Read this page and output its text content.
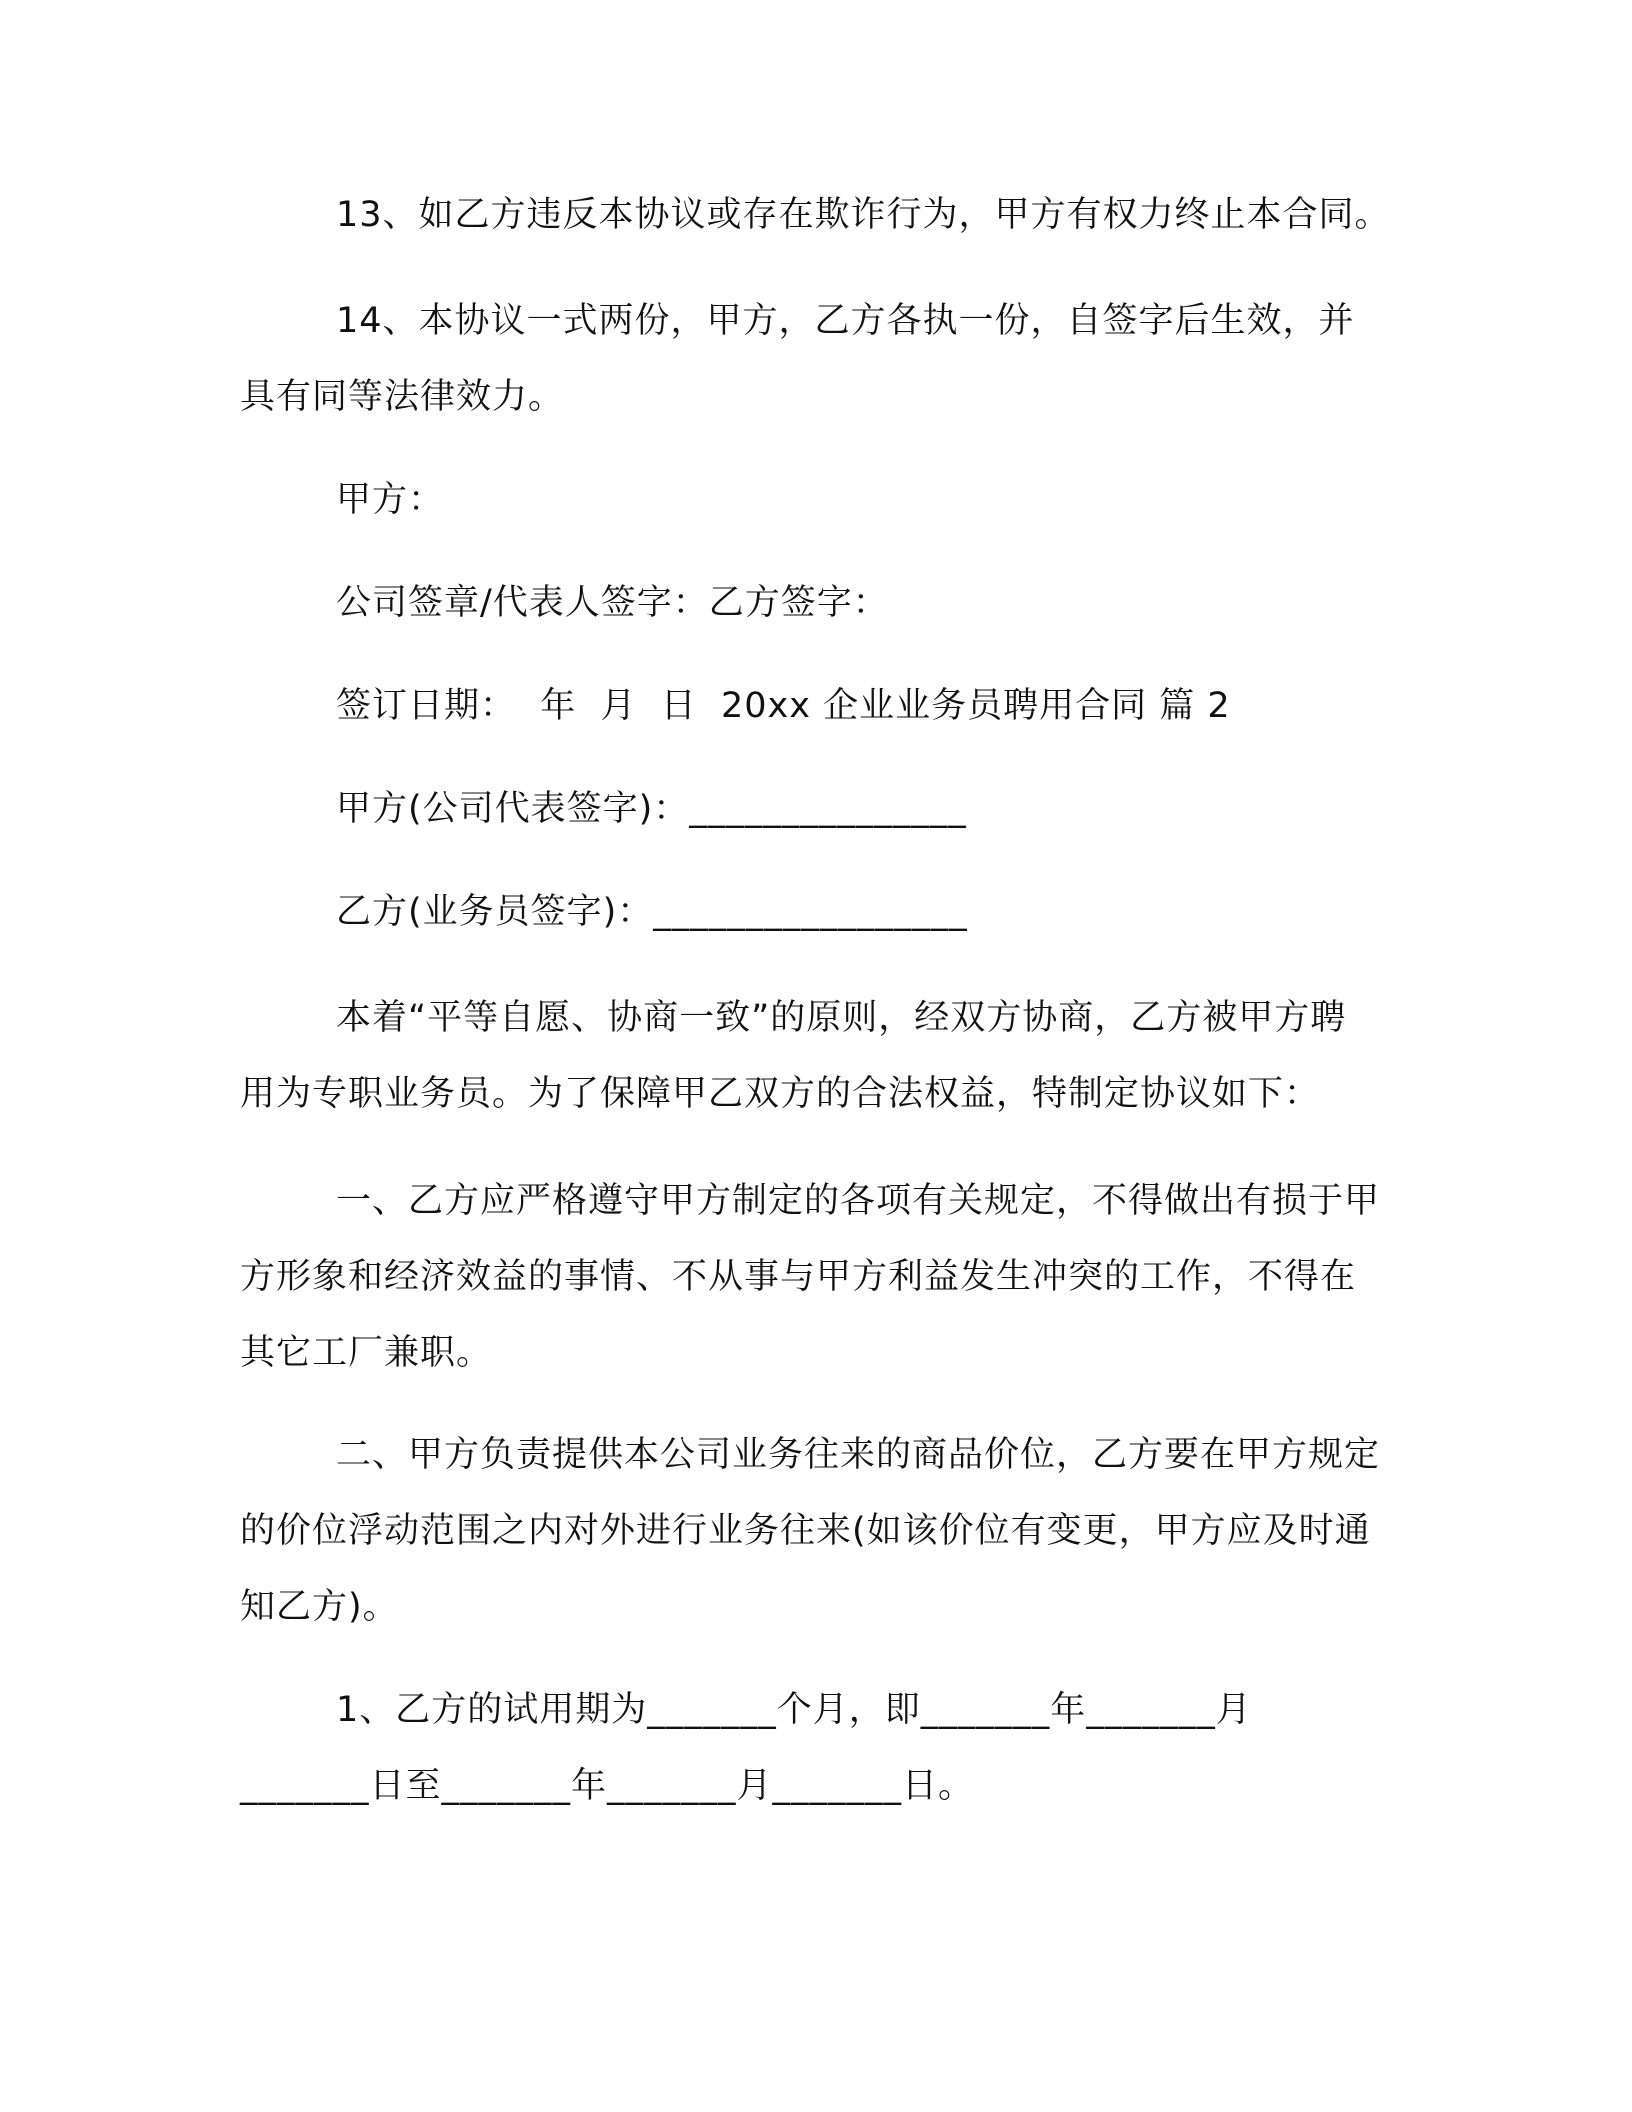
13、如乙方违反本协议或存在欺诈行为，甲方有权力终止本合同。

14、本协议一式两份，甲方，乙方各执一份，自签字后生效，并具有同等法律效力。

甲方：

公司签章/代表人签字：乙方签字：

签订日期：  年  月  日  20xx 企业业务员聘用合同 篇 2

甲方(公司代表签字)：_______________

乙方(业务员签字)：_________________

本着“平等自愿、协商一致”的原则，经双方协商，乙方被甲方聘用为专职业务员。为了保障甲乙双方的合法权益，特制定协议如下：

一、乙方应严格遵守甲方制定的各项有关规定，不得做出有损于甲方形象和经济效益的事情、不从事与甲方利益发生冲突的工作，不得在其它工厂兼职。

二、甲方负责提供本公司业务往来的商品价位，乙方要在甲方规定的价位浮动范围之内对外进行业务往来(如该价位有变更，甲方应及时通知乙方)。

1、乙方的试用期为_______个月，即_______年_______月_______日至_______年_______月_______日。
